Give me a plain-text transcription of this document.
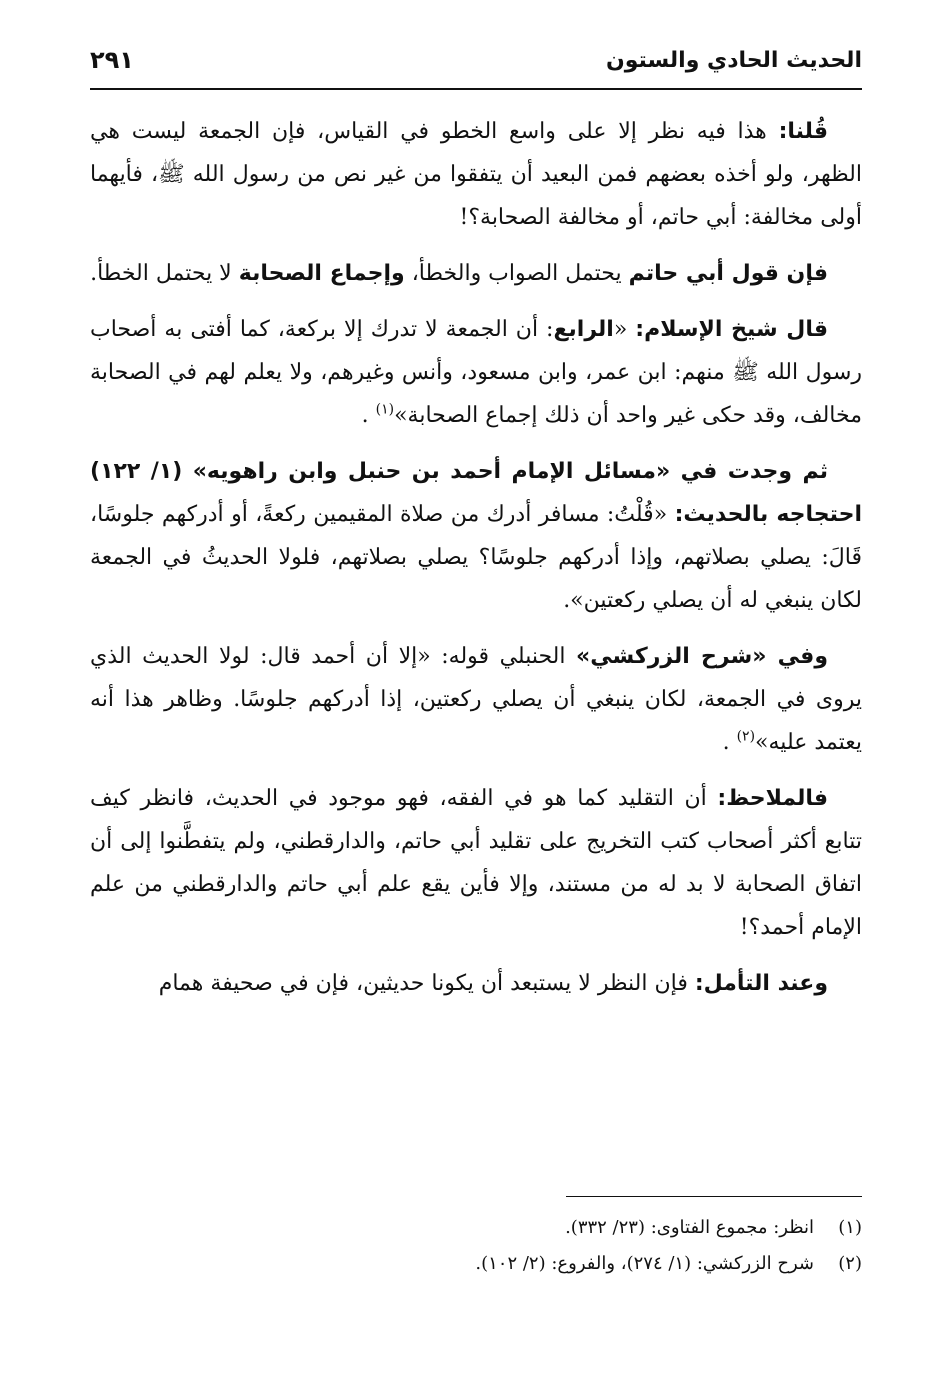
الحديث الحادي والستون
٢٩١

قُلنا: هذا فيه نظر إلا على واسع الخطو في القياس، فإن الجمعة ليست هي الظهر، ولو أخذه بعضهم فمن البعيد أن يتفقوا من غير نص من رسول الله ﷺ، فأيهما أولى مخالفة: أبي حاتم، أو مخالفة الصحابة؟!

فإن قول أبي حاتم يحتمل الصواب والخطأ، وإجماع الصحابة لا يحتمل الخطأ.

قال شيخ الإسلام: «الرابع: أن الجمعة لا تدرك إلا بركعة، كما أفتى به أصحاب رسول الله ﷺ منهم: ابن عمر، وابن مسعود، وأنس وغيرهم، ولا يعلم لهم في الصحابة مخالف، وقد حكى غير واحد أن ذلك إجماع الصحابة»$^{(١)}$ .

ثم وجدت في «مسائل الإمام أحمد بن حنبل وابن راهويه» (١/ ١٢٢) احتجاجه بالحديث: «قُلْتُ: مسافر أدرك من صلاة المقيمين ركعةً، أو أدركهم جلوسًا، قَالَ: يصلي بصلاتهم، وإذا أدركهم جلوسًا؟ يصلي بصلاتهم، فلولا الحديثُ في الجمعة لكان ينبغي له أن يصلي ركعتين».

وفي «شرح الزركشي» الحنبلي قوله: «إلا أن أحمد قال: لولا الحديث الذي يروى في الجمعة، لكان ينبغي أن يصلي ركعتين، إذا أدركهم جلوسًا. وظاهر هذا أنه يعتمد عليه»$^{(٢)}$ .

فالملاحظ: أن التقليد كما هو في الفقه، فهو موجود في الحديث، فانظر كيف تتابع أكثر أصحاب كتب التخريج على تقليد أبي حاتم، والدارقطني، ولم يتفطَّنوا إلى أن اتفاق الصحابة لا بد له من مستند، وإلا فأين يقع علم أبي حاتم والدارقطني من علم الإمام أحمد؟!

وعند التأمل: فإن النظر لا يستبعد أن يكونا حديثين، فإن في صحيفة همام

(١)
انظر: مجموع الفتاوى: (٢٣/ ٣٣٢).
(٢)
شرح الزركشي: (١/ ٢٧٤)، والفروع: (٢/ ١٠٢).
